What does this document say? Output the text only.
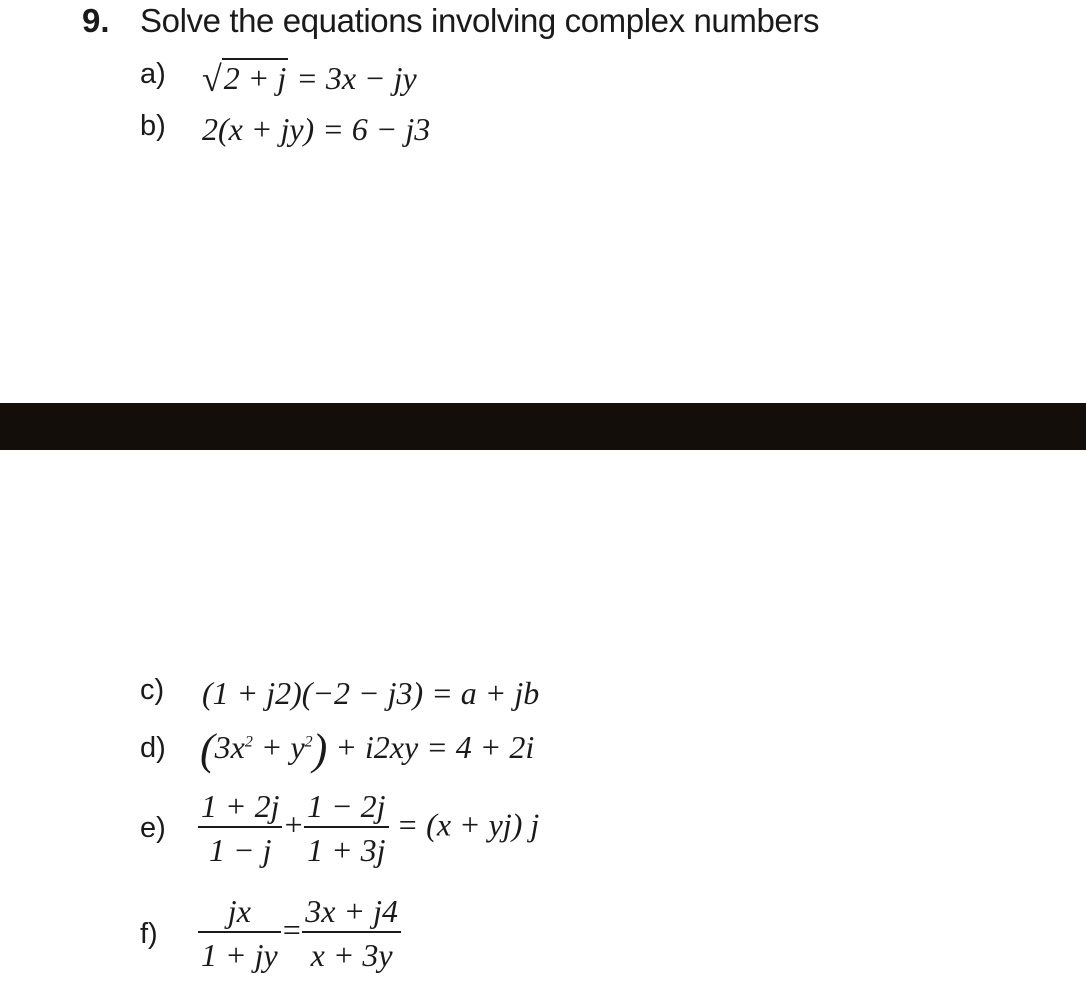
9. Solve the equations involving complex numbers
a) √2 + j = 3x − jy
b) 2(x + jy) = 6 − j3
c) (1 + j2)(−2 − j3) = a + jb
d) $(3x^2 + y^2) + i2xy = 4 + 2i$
$e) \frac{1 + 2j}{1 - j} + \frac{1 - 2j}{1 + 3j} = (x + yj)$ j
$f) \frac{jx}{1 + jy} = \frac{3x + j4}{x + 3y}$
